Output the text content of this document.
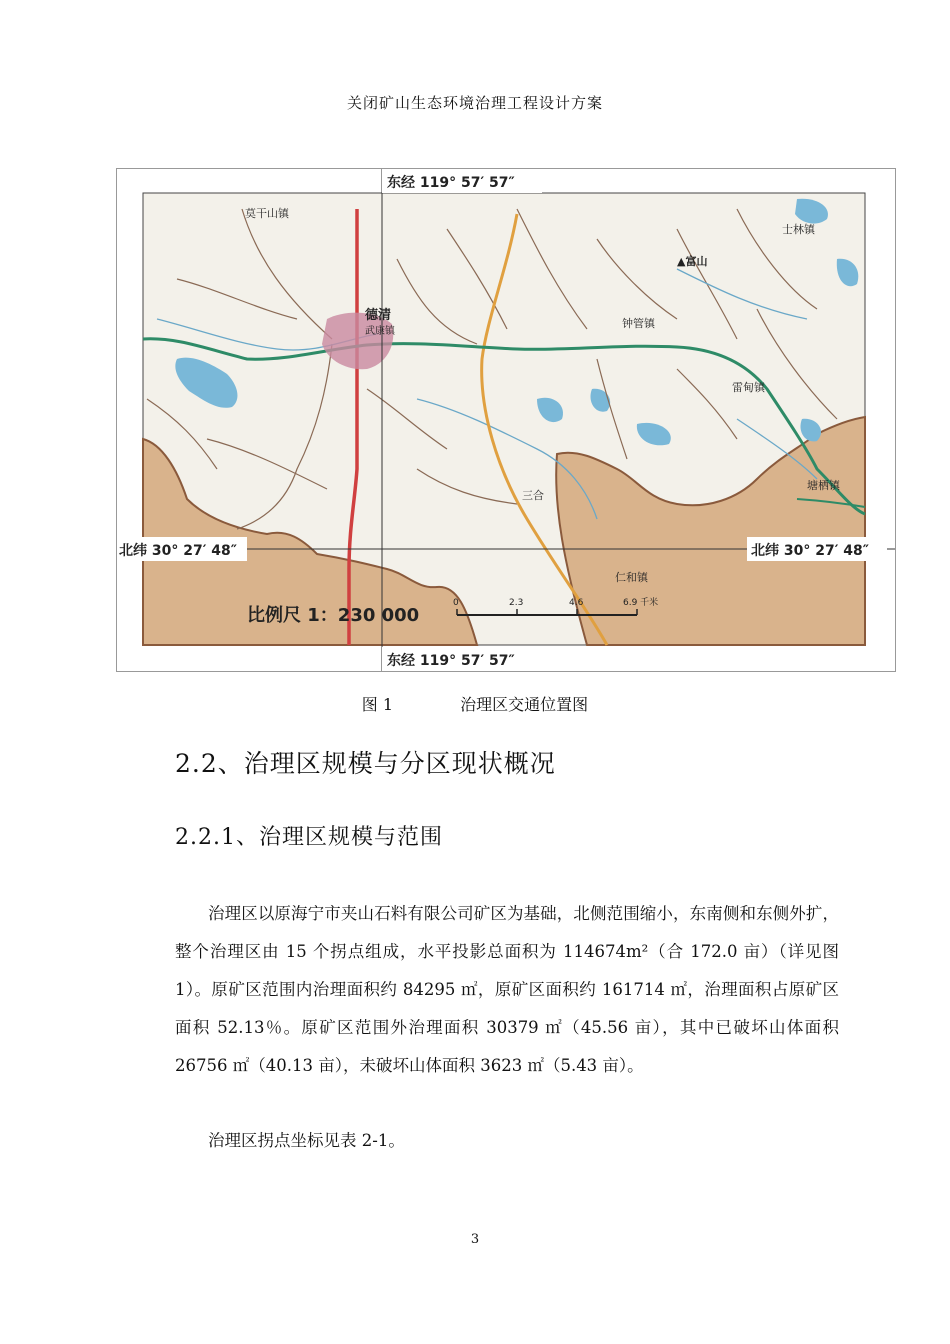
关闭矿山生态环境治理工程设计方案
东经 119° 57′ 57″
东经 119° 57′ 57″
北纬 30° 27′ 48″	北纬 30° 27′ 48″
莫干山镇
德清
武康镇
钟管镇
士林镇
雷甸镇
塘栖镇
仁和镇
三合
▲富山
比例尺 1：230 000
0	2.3	4.6	6.9 千米
图 1	治理区交通位置图
2.2、治理区规模与分区现状概况
2.2.1、治理区规模与范围
治理区以原海宁市夹山石料有限公司矿区为基础，北侧范围缩小，东南侧和东侧外扩，整个治理区由 15 个拐点组成，水平投影总面积为 114674m²（合 172.0 亩）（详见图 1）。原矿区范围内治理面积约 84295 ㎡，原矿区面积约 161714 ㎡，治理面积占原矿区面积 52.13％。原矿区范围外治理面积 30379 ㎡（45.56 亩），其中已破坏山体面积 26756 ㎡（40.13 亩），未破坏山体面积 3623 ㎡（5.43 亩）。
治理区拐点坐标见表 2-1。
3
